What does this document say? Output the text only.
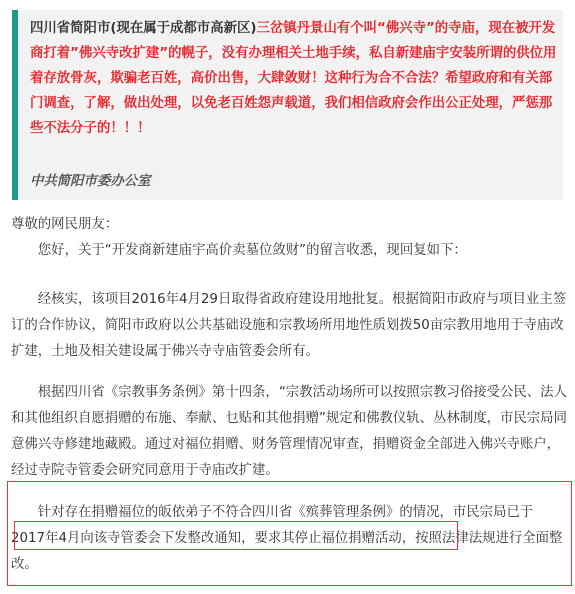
四川省简阳市(现在属于成都市高新区)三岔镇丹景山有个叫“佛兴寺”的寺庙，现在被开发商打着”佛兴寺改扩建”的幌子，没有办理相关土地手续，私自新建庙宇安装所谓的供位用着存放骨灰，欺骗老百姓，高价出售，大肆敛财！这种行为合不合法？希望政府和有关部门调查，了解，做出处理，以免老百姓怨声载道，我们相信政府会作出公正处理，严惩那些不法分子的！！！

中共简阳市委办公室

尊敬的网民朋友：

您好，关于“开发商新建庙宇高价卖墓位敛财”的留言收悉，现回复如下：

经核实，该项目2016年4月29日取得省政府建设用地批复。根据简阳市政府与项目业主签订的合作协议，简阳市政府以公共基础设施和宗教场所用地性质划拨50亩宗教用地用于寺庙改扩建，土地及相关建设属于佛兴寺寺庙管委会所有。

根据四川省《宗教事务条例》第十四条，“宗教活动场所可以按照宗教习俗接受公民、法人和其他组织自愿捐赠的布施、奉献、乜贴和其他捐赠”规定和佛教仪轨、丛林制度，市民宗局同意佛兴寺修建地藏殿。通过对福位捐赠、财务管理情况审查，捐赠资金全部进入佛兴寺账户，经过寺院寺管委会研究同意用于寺庙改扩建。

针对存在捐赠福位的皈依弟子不符合四川省《殡葬管理条例》的情况，市民宗局已于2017年4月向该寺管委会下发整改通知，要求其停止福位捐赠活动，按照法律法规进行全面整改。
